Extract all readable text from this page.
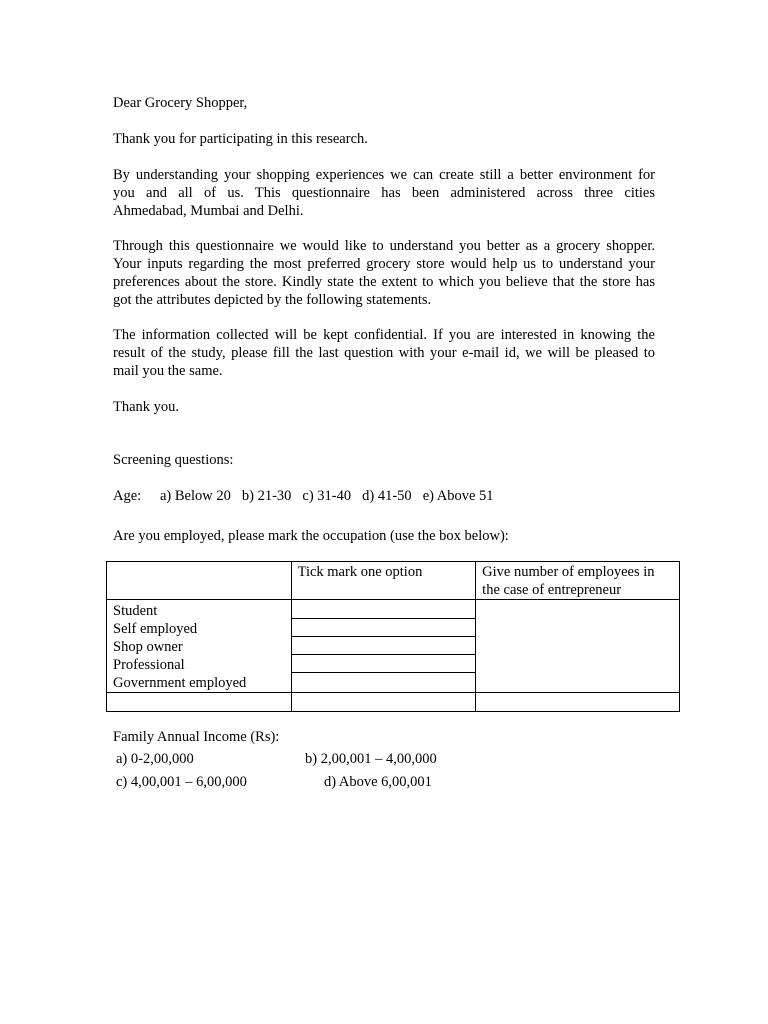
Dear Grocery Shopper,

Thank you for participating in this research.

By understanding your shopping experiences we can create still a better environment for
you and all of us. This questionnaire has been administered across three cities
Ahmedabad, Mumbai and Delhi.
Through this questionnaire we would like to understand you better as a grocery shopper.
Your inputs regarding the most preferred grocery store would help us to understand your
preferences about the store. Kindly state the extent to which you believe that the store has
got the attributes depicted by the following statements.
The information collected will be kept confidential. If you are interested in knowing the
result of the study, please fill the last question with your e-mail id, we will be pleased to
mail you the same.

Thank you.

Screening questions:

Age: a) Below 20 b) 21-30 c) 31-40 d) 41-50 e) Above 51

Are you employed, please mark the occupation (use the box below):

	Tick mark one option	Give number of employees in
the case of entrepreneur

Student
Self employed
Shop owner
Professional
Government employed		

Family Annual Income (Rs):

a) 0-2,00,000	b) 2,00,001 – 4,00,000
c) 4,00,001 – 6,00,000	d) Above 6,00,001
